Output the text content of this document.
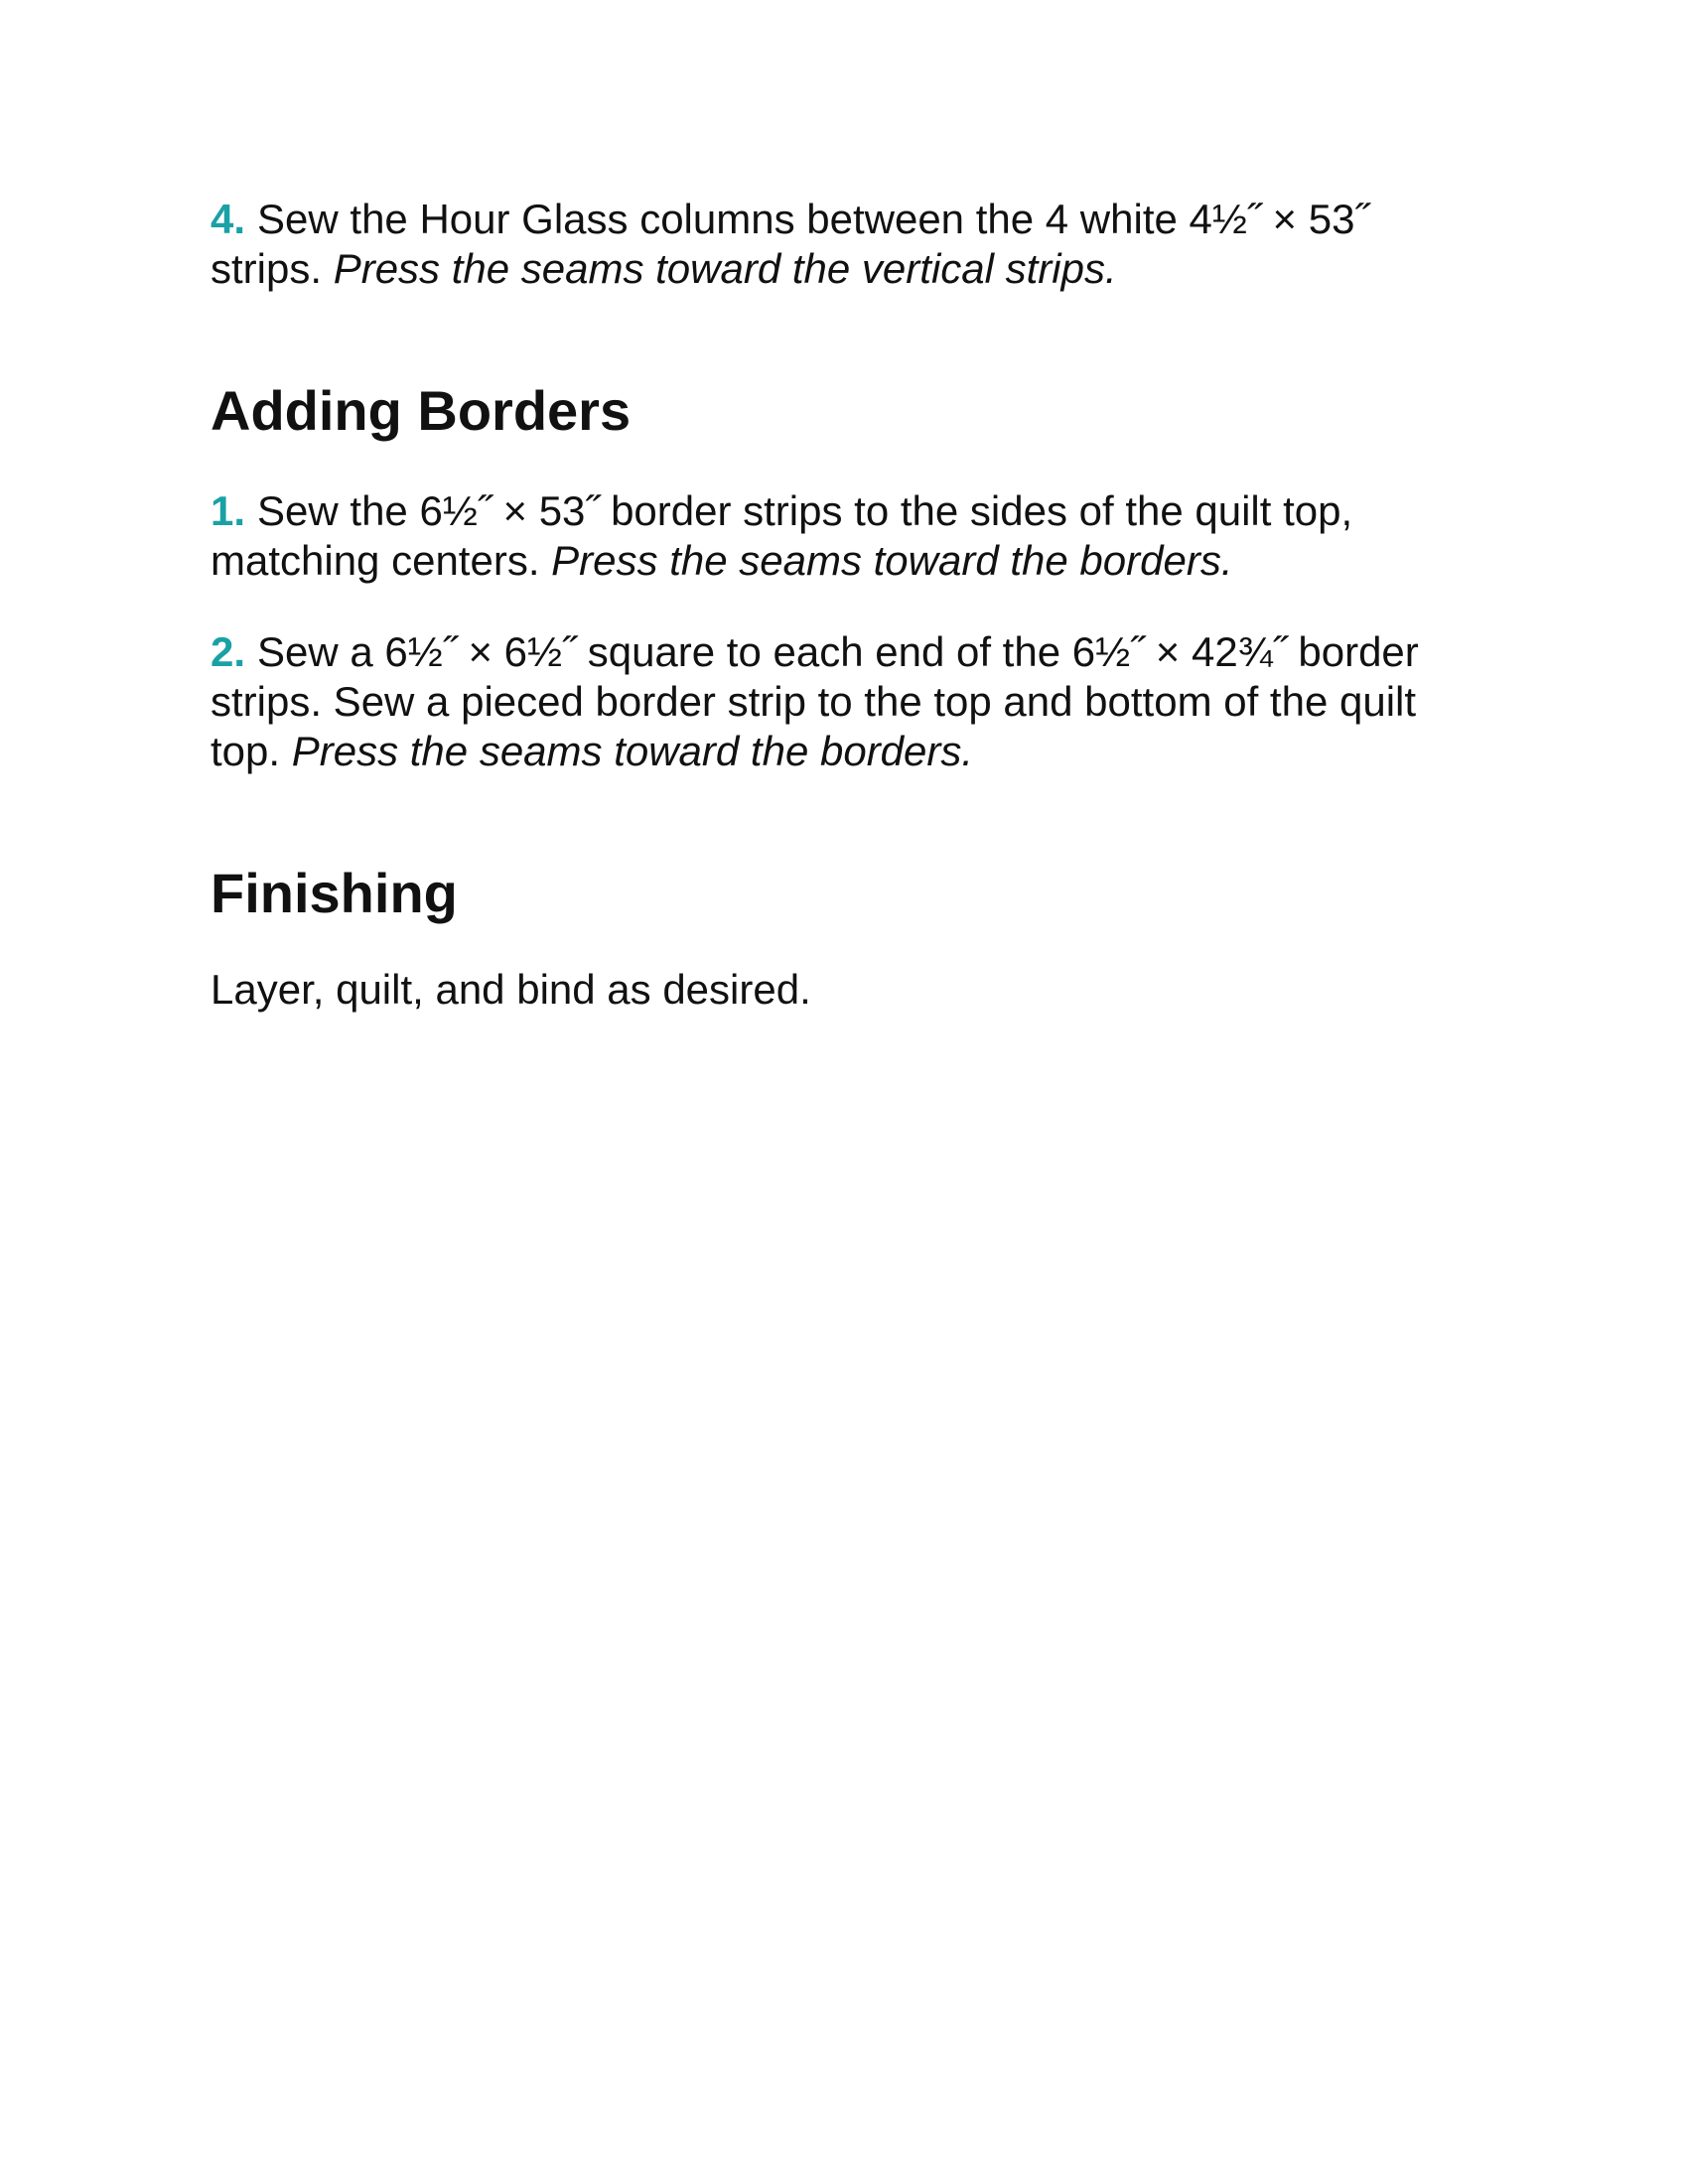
4. Sew the Hour Glass columns between the 4 white 4½˝ × 53˝ strips. Press the seams toward the vertical strips.

Adding Borders

1. Sew the 6½˝ × 53˝ border strips to the sides of the quilt top, matching centers. Press the seams toward the borders.

2. Sew a 6½˝ × 6½˝ square to each end of the 6½˝ × 42¾˝ border strips. Sew a pieced border strip to the top and bottom of the quilt top. Press the seams toward the borders.

Finishing

Layer, quilt, and bind as desired.
